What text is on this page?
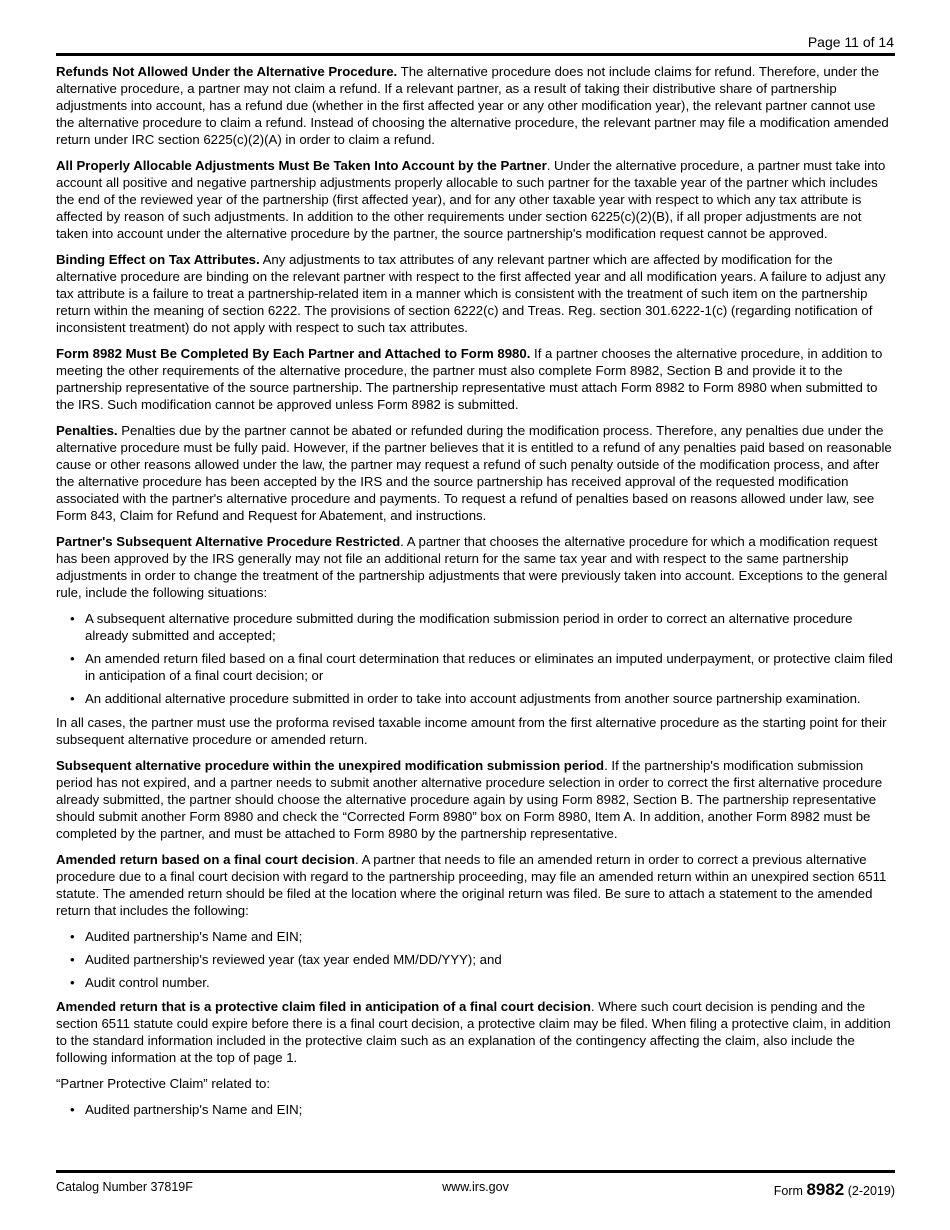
Page 11 of 14

Refunds Not Allowed Under the Alternative Procedure. The alternative procedure does not include claims for refund. Therefore, under the alternative procedure, a partner may not claim a refund. If a relevant partner, as a result of taking their distributive share of partnership adjustments into account, has a refund due (whether in the first affected year or any other modification year), the relevant partner cannot use the alternative procedure to claim a refund. Instead of choosing the alternative procedure, the relevant partner may file a modification amended return under IRC section 6225(c)(2)(A) in order to claim a refund.

All Properly Allocable Adjustments Must Be Taken Into Account by the Partner. Under the alternative procedure, a partner must take into account all positive and negative partnership adjustments properly allocable to such partner for the taxable year of the partner which includes the end of the reviewed year of the partnership (first affected year), and for any other taxable year with respect to which any tax attribute is affected by reason of such adjustments. In addition to the other requirements under section 6225(c)(2)(B), if all proper adjustments are not taken into account under the alternative procedure by the partner, the source partnership's modification request cannot be approved.

Binding Effect on Tax Attributes. Any adjustments to tax attributes of any relevant partner which are affected by modification for the alternative procedure are binding on the relevant partner with respect to the first affected year and all modification years. A failure to adjust any tax attribute is a failure to treat a partnership-related item in a manner which is consistent with the treatment of such item on the partnership return within the meaning of section 6222. The provisions of section 6222(c) and Treas. Reg. section 301.6222-1(c) (regarding notification of inconsistent treatment) do not apply with respect to such tax attributes.

Form 8982 Must Be Completed By Each Partner and Attached to Form 8980. If a partner chooses the alternative procedure, in addition to meeting the other requirements of the alternative procedure, the partner must also complete Form 8982, Section B and provide it to the partnership representative of the source partnership. The partnership representative must attach Form 8982 to Form 8980 when submitted to the IRS. Such modification cannot be approved unless Form 8982 is submitted.

Penalties. Penalties due by the partner cannot be abated or refunded during the modification process. Therefore, any penalties due under the alternative procedure must be fully paid. However, if the partner believes that it is entitled to a refund of any penalties paid based on reasonable cause or other reasons allowed under the law, the partner may request a refund of such penalty outside of the modification process, and after the alternative procedure has been accepted by the IRS and the source partnership has received approval of the requested modification associated with the partner's alternative procedure and payments. To request a refund of penalties based on reasons allowed under law, see Form 843, Claim for Refund and Request for Abatement, and instructions.

Partner's Subsequent Alternative Procedure Restricted. A partner that chooses the alternative procedure for which a modification request has been approved by the IRS generally may not file an additional return for the same tax year and with respect to the same partnership adjustments in order to change the treatment of the partnership adjustments that were previously taken into account. Exceptions to the general rule, include the following situations:

• A subsequent alternative procedure submitted during the modification submission period in order to correct an alternative procedure already submitted and accepted;
• An amended return filed based on a final court determination that reduces or eliminates an imputed underpayment, or protective claim filed in anticipation of a final court decision; or
• An additional alternative procedure submitted in order to take into account adjustments from another source partnership examination.

In all cases, the partner must use the proforma revised taxable income amount from the first alternative procedure as the starting point for their subsequent alternative procedure or amended return.

Subsequent alternative procedure within the unexpired modification submission period. If the partnership's modification submission period has not expired, and a partner needs to submit another alternative procedure selection in order to correct the first alternative procedure already submitted, the partner should choose the alternative procedure again by using Form 8982, Section B. The partnership representative should submit another Form 8980 and check the “Corrected Form 8980” box on Form 8980, Item A. In addition, another Form 8982 must be completed by the partner, and must be attached to Form 8980 by the partnership representative.

Amended return based on a final court decision. A partner that needs to file an amended return in order to correct a previous alternative procedure due to a final court decision with regard to the partnership proceeding, may file an amended return within an unexpired section 6511 statute. The amended return should be filed at the location where the original return was filed. Be sure to attach a statement to the amended return that includes the following:

• Audited partnership's Name and EIN;
• Audited partnership's reviewed year (tax year ended MM/DD/YYY); and
• Audit control number.

Amended return that is a protective claim filed in anticipation of a final court decision. Where such court decision is pending and the section 6511 statute could expire before there is a final court decision, a protective claim may be filed. When filing a protective claim, in addition to the standard information included in the protective claim such as an explanation of the contingency affecting the claim, also include the following information at the top of page 1.

“Partner Protective Claim” related to:

• Audited partnership's Name and EIN;
Catalog Number 37819F	www.irs.gov	Form 8982 (2-2019)
